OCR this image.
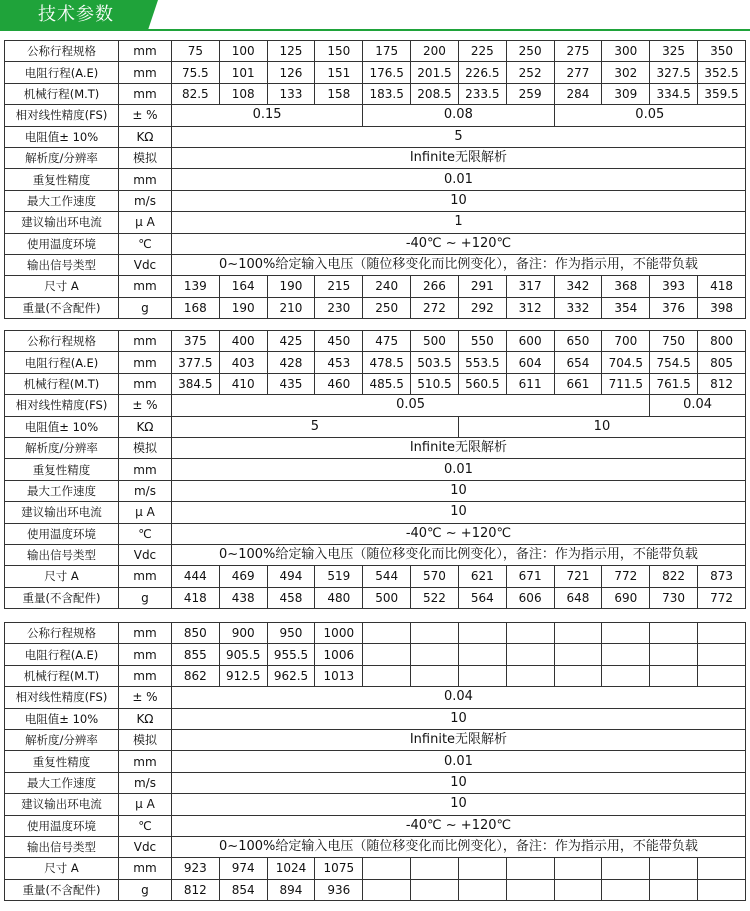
技术参数
公称行程规格	mm	75	100	125	150	175	200	225	250	275	300	325	350
电阻行程(A.E)	mm	75.5	101	126	151	176.5	201.5	226.5	252	277	302	327.5	352.5
机械行程(M.T)	mm	82.5	108	133	158	183.5	208.5	233.5	259	284	309	334.5	359.5
相对线性精度(FS)	± %	0.15				0.08				0.05			
电阻值± 10%	KΩ	5											
解析度/分辨率	模拟	Infinite无限解析											
重复性精度	mm	0.01											
最大工作速度	m/s	10											
建议输出环电流	μ A	1											
使用温度环境	℃	-40℃ ~ +120℃											
输出信号类型	Vdc	0~100%给定输入电压（随位移变化而比例变化），备注：作为指示用，不能带负载											
尺寸 A	mm	139	164	190	215	240	266	291	317	342	368	393	418
重量(不含配件)	g	168	190	210	230	250	272	292	312	332	354	376	398
公称行程规格	mm	375	400	425	450	475	500	550	600	650	700	750	800
电阻行程(A.E)	mm	377.5	403	428	453	478.5	503.5	553.5	604	654	704.5	754.5	805
机械行程(M.T)	mm	384.5	410	435	460	485.5	510.5	560.5	611	661	711.5	761.5	812
相对线性精度(FS)	± %	0.05										0.04	
电阻值± 10%	KΩ	5						10					
解析度/分辨率	模拟	Infinite无限解析											
重复性精度	mm	0.01											
最大工作速度	m/s	10											
建议输出环电流	μ A	10											
使用温度环境	℃	-40℃ ~ +120℃											
输出信号类型	Vdc	0~100%给定输入电压（随位移变化而比例变化），备注：作为指示用，不能带负载											
尺寸 A	mm	444	469	494	519	544	570	621	671	721	772	822	873
重量(不含配件)	g	418	438	458	480	500	522	564	606	648	690	730	772
公称行程规格	mm	850	900	950	1000								
电阻行程(A.E)	mm	855	905.5	955.5	1006								
机械行程(M.T)	mm	862	912.5	962.5	1013								
相对线性精度(FS)	± %	0.04											
电阻值± 10%	KΩ	10											
解析度/分辨率	模拟	Infinite无限解析											
重复性精度	mm	0.01											
最大工作速度	m/s	10											
建议输出环电流	μ A	10											
使用温度环境	℃	-40℃ ~ +120℃											
输出信号类型	Vdc	0~100%给定输入电压（随位移变化而比例变化），备注：作为指示用，不能带负载											
尺寸 A	mm	923	974	1024	1075								
重量(不含配件)	g	812	854	894	936								
